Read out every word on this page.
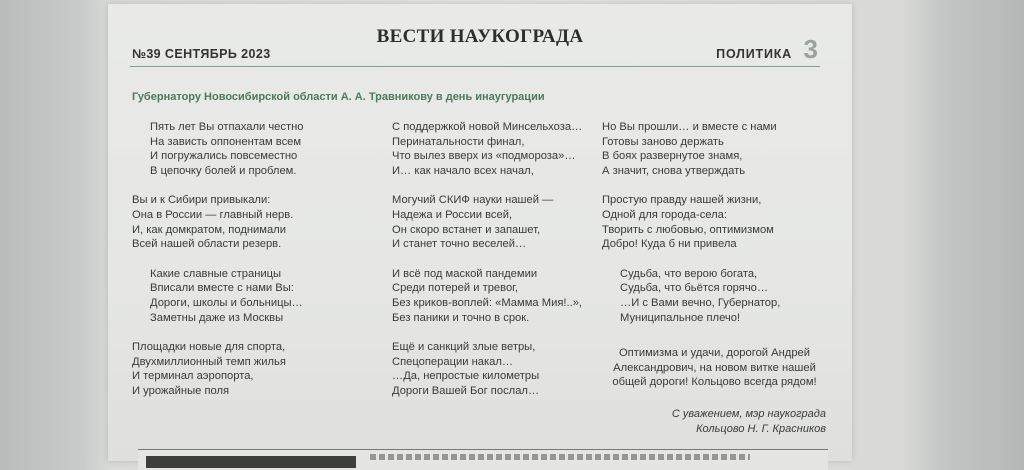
ВЕСТИ НАУКОГРАДА
№39 СЕНТЯБРЬ 2023	ПОЛИТИКА 3
Губернатору Новосибирской области А. А. Травникову в день инаугурации
Пять лет Вы отпахали честно
На зависть оппонентам всем
И погружались повсеместно
В цепочку болей и проблем.
Вы и к Сибири привыкали:
Она в России — главный нерв.
И, как домкратом, поднимали
Всей нашей области резерв.
Какие славные страницы
Вписали вместе с нами Вы:
Дороги, школы и больницы…
Заметны даже из Москвы
Площадки новые для спорта,
Двухмиллионный темп жилья
И терминал аэропорта,
И урожайные поля
С поддержкой новой Минсельхоза…
Перинатальности финал,
Что вылез вверх из «подмороза»…
И… как начало всех начал,
Могучий СКИФ науки нашей —
Надежа и России всей,
Он скоро встанет и запашет,
И станет точно веселей…
И всё под маской пандемии
Среди потерей и тревог,
Без криков-воплей: «Мамма Мия!..»,
Без паники и точно в срок.
Ещё и санкций злые ветры,
Спецоперации накал…
…Да, непростые километры
Дороги Вашей Бог послал…
Но Вы прошли… и вместе с нами
Готовы заново держать
В боях развернутое знамя,
А значит, снова утверждать
Простую правду нашей жизни,
Одной для города-села:
Творить с любовью, оптимизмом
Добро! Куда б ни привела
Судьба, что верою богата,
Судьба, что бьётся горячо…
…И с Вами вечно, Губернатор,
Муниципальное плечо!
Оптимизма и удачи, дорогой Андрей
Александрович, на новом витке нашей
общей дороги! Кольцово всегда рядом!
С уважением, мэр наукограда
Кольцово Н. Г. Красников
